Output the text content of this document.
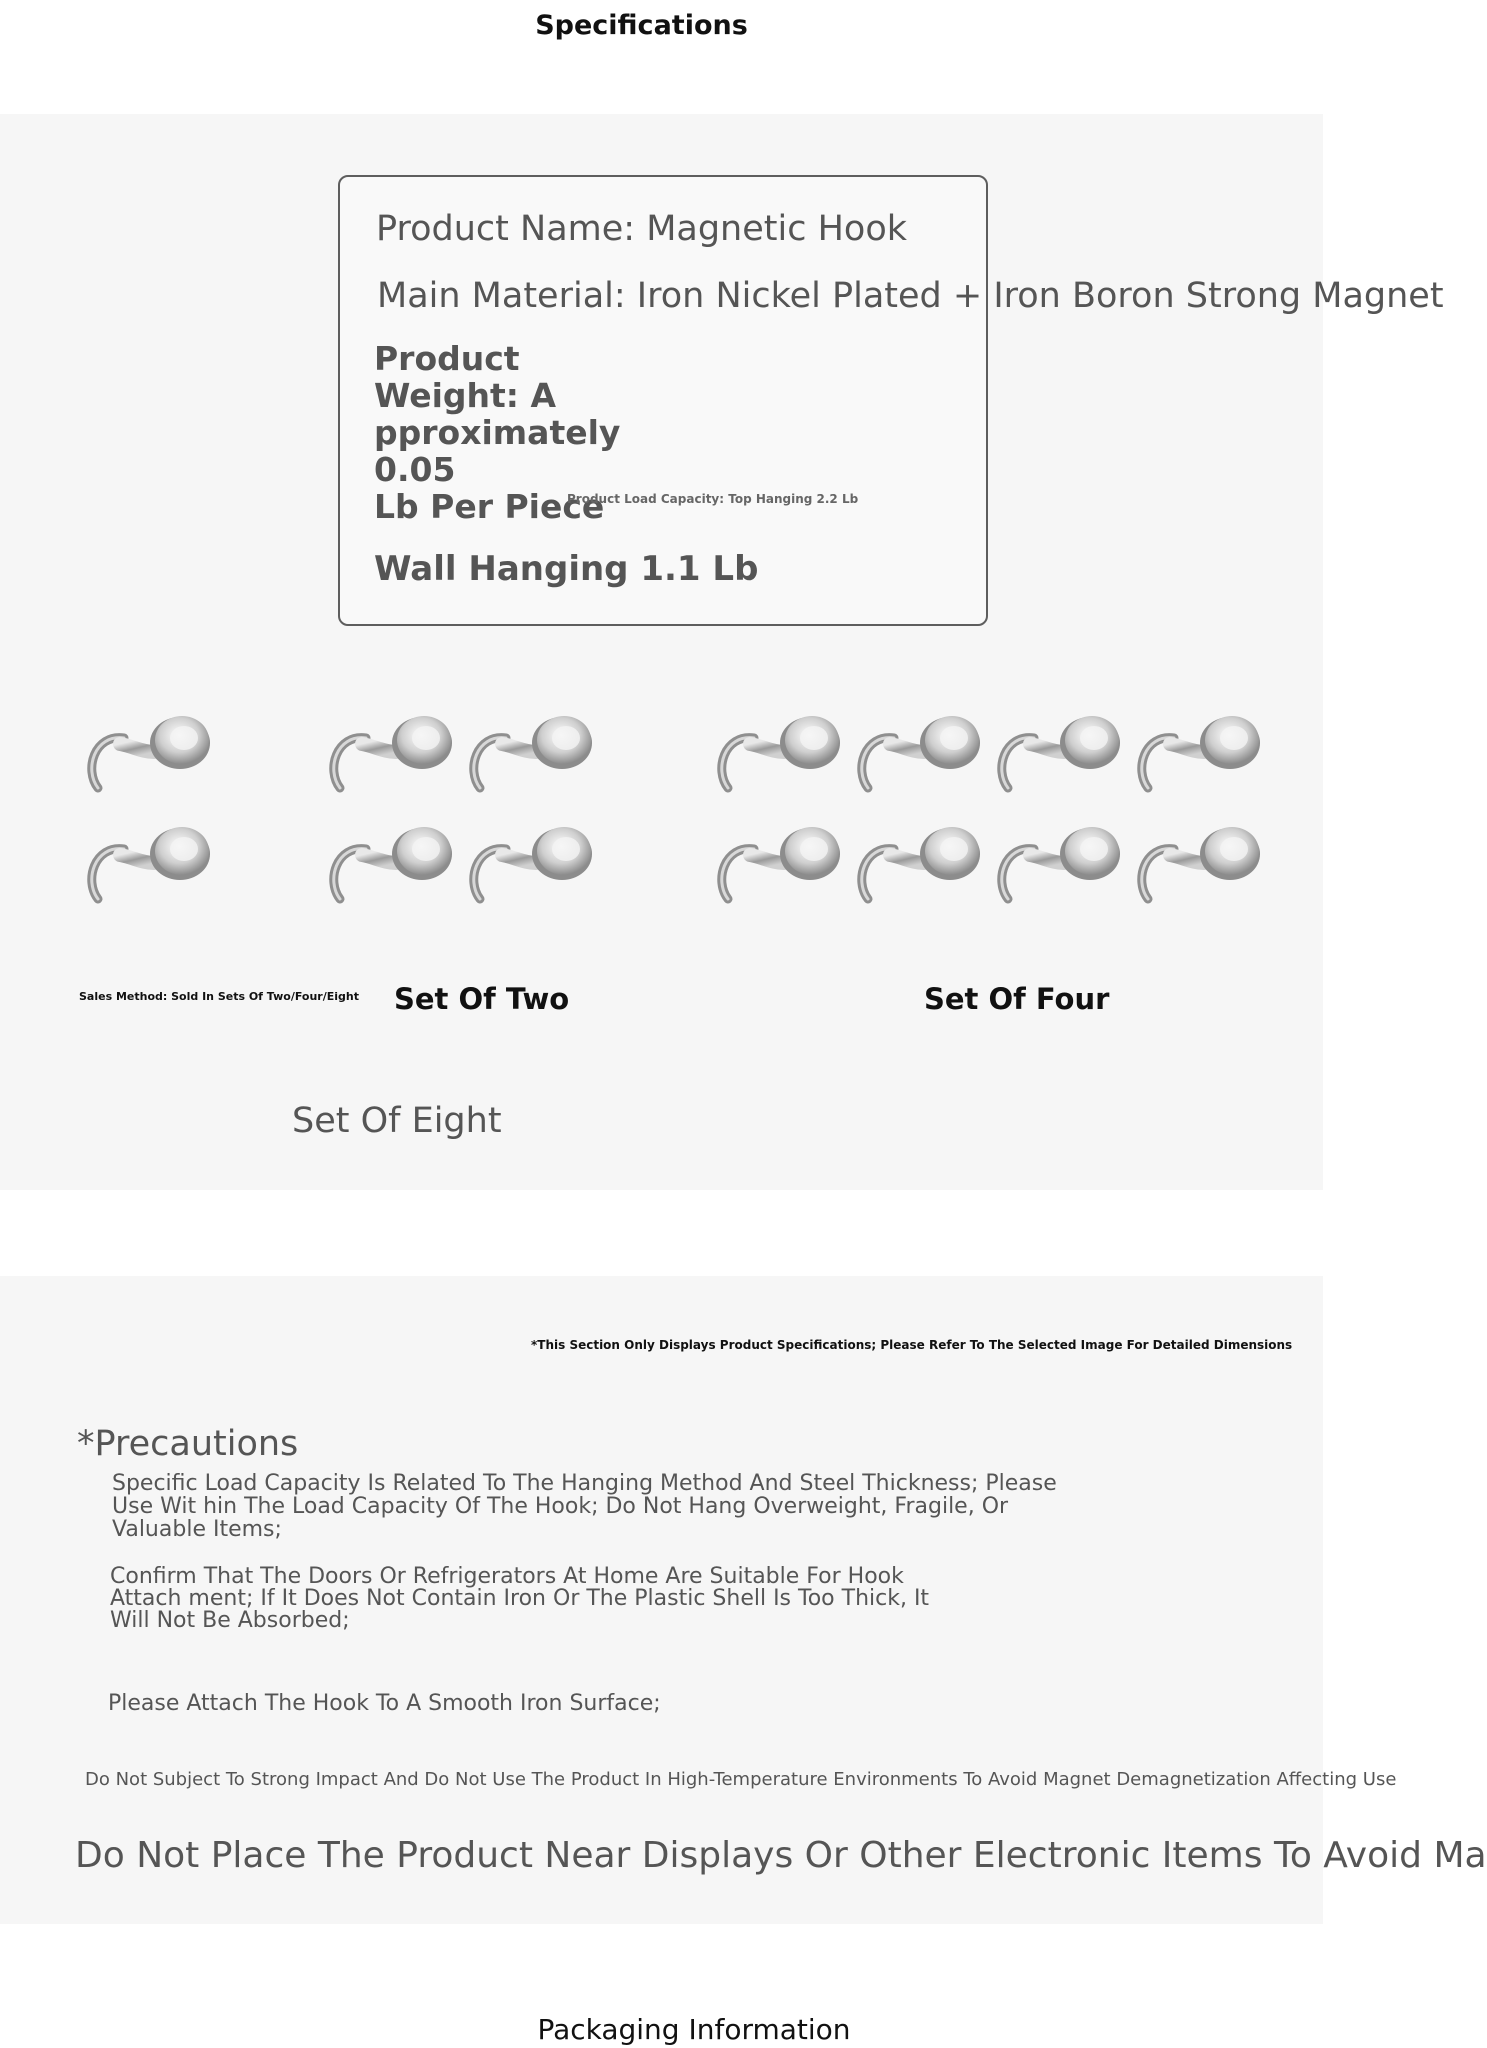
Specifications
Product Name: Magnetic Hook
Main Material: Iron Nickel Plated + Iron Boron Strong Magnet
Product Weight: A
pproximately 0.05
Lb Per Piece
Product Load Capacity: Top Hanging 2.2 Lb
Wall Hanging 1.1 Lb
Sales Method: Sold In Sets Of Two/Four/Eight Set Of Two	Set Of Four
Set Of Eight
*This Section Only Displays Product Specifications; Please Refer To The Selected Image For Detailed Dimensions
*Precautions
Specific Load Capacity Is Related To The Hanging Method And Steel Thickness; Please Use Wit hin The Load Capacity Of The Hook; Do Not Hang Overweight, Fragile, Or Valuable Items;
Confirm That The Doors Or Refrigerators At Home Are Suitable For Hook Attach ment; If It Does Not Contain Iron Or The Plastic Shell Is Too Thick, It Will Not Be Absorbed;
Please Attach The Hook To A Smooth Iron Surface;
Do Not Subject To Strong Impact And Do Not Use The Product In High-Temperature Environments To Avoid Magnet Demagnetization Affecting Use
Do Not Place The Product Near Displays Or Other Electronic Items To Avoid Ma
Packaging Information
